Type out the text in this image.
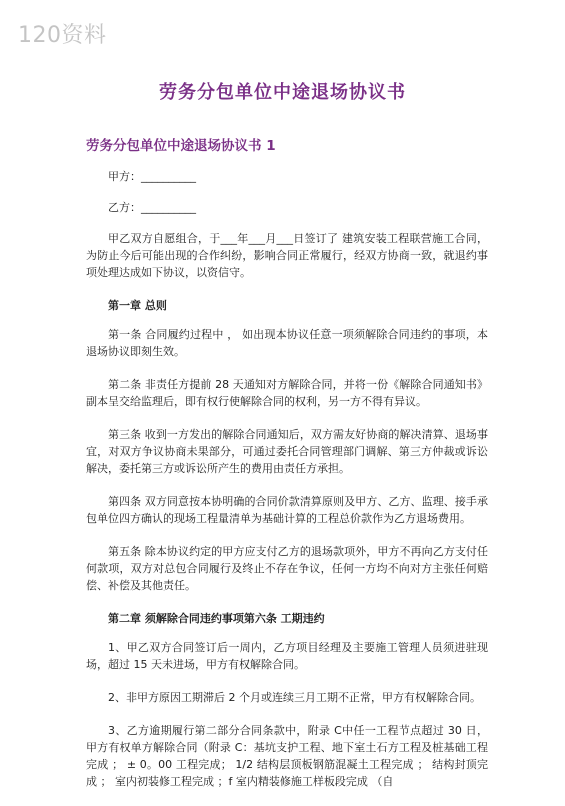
120资料
劳务分包单位中途退场协议书
劳务分包单位中途退场协议书 1

甲方：__________

乙方：__________

甲乙双方自愿组合，于___年___月___日签订了 建筑安装工程联营施工合同，为防止今后可能出现的合作纠纷，影响合同正常履行，经双方协商一致，就退约事项处理达成如下协议，以资信守。

第一章 总则

第一条 合同履约过程中 ， 如出现本协议任意一项须解除合同违约的事项，本退场协议即刻生效。

第二条 非责任方提前 28 天通知对方解除合同，并将一份《解除合同通知书》副本呈交给监理后，即有权行使解除合同的权利，另一方不得有异议。

第三条 收到一方发出的解除合同通知后，双方需友好协商的解决清算、退场事宜，对双方争议协商未果部分，可通过委托合同管理部门调解、第三方仲裁或诉讼解决，委托第三方或诉讼所产生的费用由责任方承担。

第四条 双方同意按本协明确的合同价款清算原则及甲方、乙方、监理、接手承包单位四方确认的现场工程量清单为基础计算的工程总价款作为乙方退场费用。

第五条 除本协议约定的甲方应支付乙方的退场款项外，甲方不再向乙方支付任何款项，双方对总包合同履行及终止不存在争议，任何一方均不向对方主张任何赔偿、补偿及其他责任。

第二章 须解除合同违约事项第六条 工期违约

1、甲乙双方合同签订后一周内，乙方项目经理及主要施工管理人员须进驻现场，超过 15 天未进场，甲方有权解除合同。

2、非甲方原因工期滞后 2 个月或连续三月工期不正常，甲方有权解除合同。

3、乙方逾期履行第二部分合同条款中，附录 C中任一工程节点超过 30 日，甲方有权单方解除合同（附录 C：基坑支护工程、地下室土石方工程及桩基础工程完成 ； ± 0。00 工程完成； 1/2 结构层顶板钢筋混凝土工程完成 ； 结构封顶完成 ； 室内初装修工程完成 ；f 室内精装修施工样板段完成 （自
